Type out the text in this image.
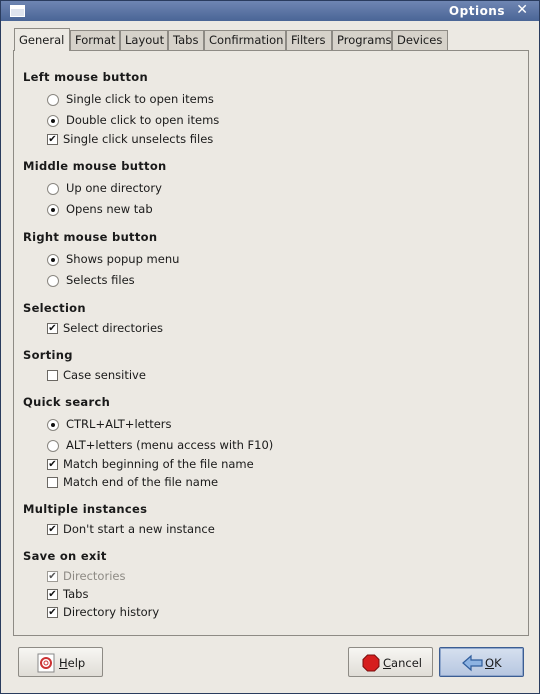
Options ✕
General Format Layout Tabs Confirmation Filters	Programs Devices
Left mouse button
Single click to open items
Double click to open items
✔ Single click unselects files
Middle mouse button
Up one directory
Opens new tab
Right mouse button
Shows popup menu
Selects files
Selection
✔ Select directories
Sorting
Case sensitive
Quick search
CTRL+ALT+letters
ALT+letters (menu access with F10)
✔ Match beginning of the file name
Match end of the file name
Multiple instances
✔ Don't start a new instance
Save on exit
✔ Directories
✔ Tabs
✔ Directory history
Help	Cancel	OK
